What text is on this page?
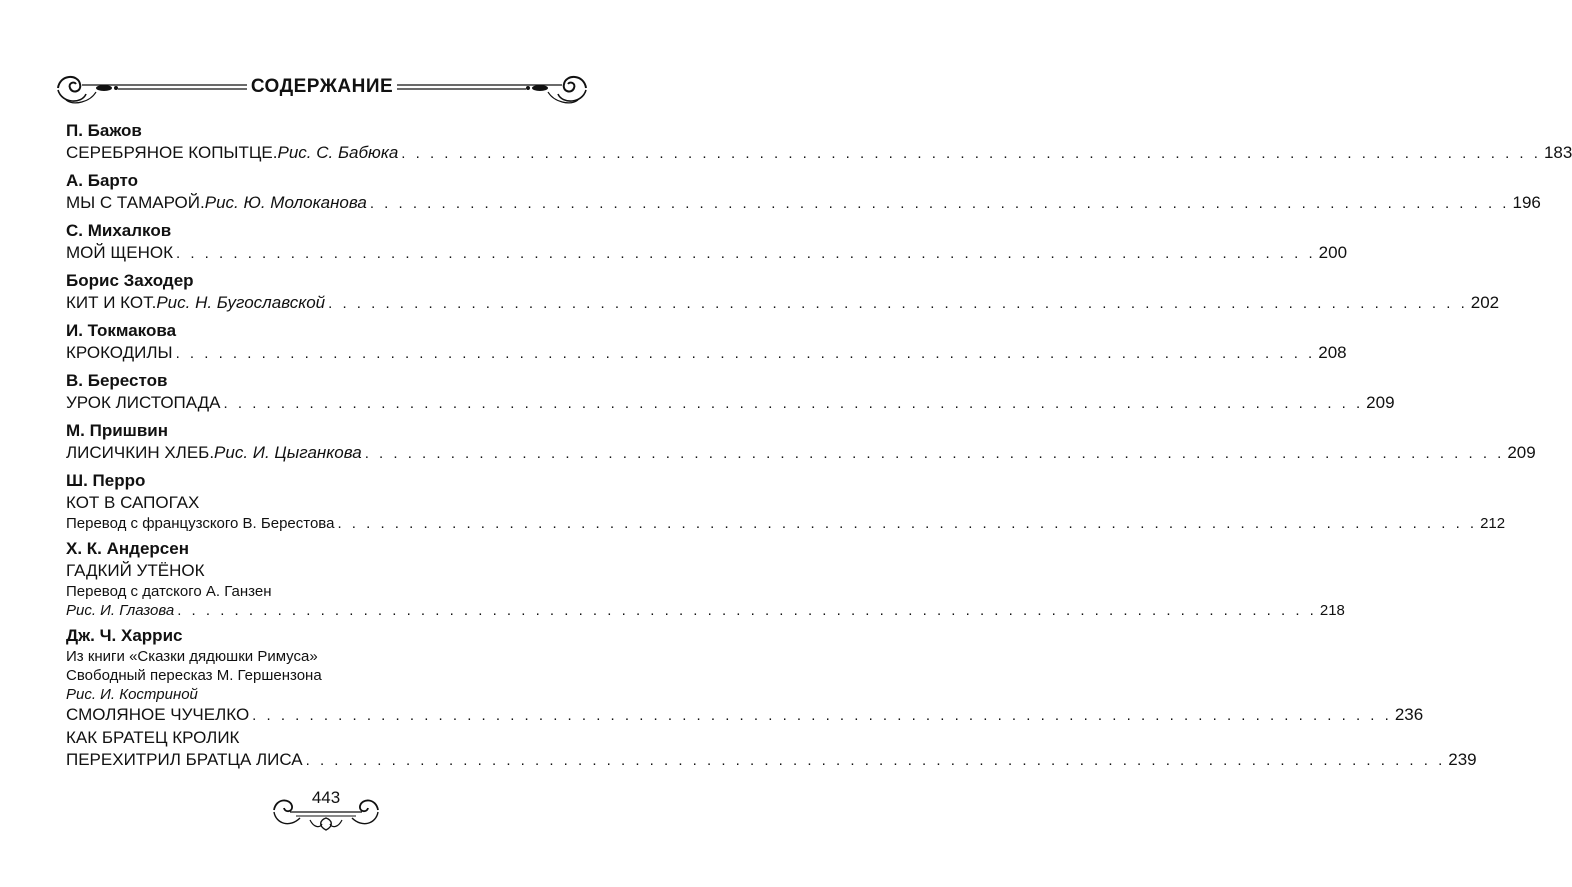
СОДЕРЖАНИЕ
П. Бажов
СЕРЕБРЯНОЕ КОПЫТЦЕ. Рис. С. Бабюка . . . . . . . . . . . . . . . . . . . . . . . . . . . . . . . . . . . . . . . . . . . . . . . . . . . . . . . . . . . . . . . . . . . . . . . . . . . . . . . . 183
А. Барто
МЫ С ТАМАРОЙ. Рис. Ю. Молоканова . . . . . . . . . . . . . . . . . . . . . . . . . . . . . . . . . . . . . . . . . . . . . . . . . . . . . . . . . . . . . . . . . . . . . . . . . . . . . . . . 196
С. Михалков
МОЙ ЩЕНОК . . . . . . . . . . . . . . . . . . . . . . . . . . . . . . . . . . . . . . . . . . . . . . . . . . . . . . . . . . . . . . . . . . . . . . . . . . . . . . . . 200
Борис Заходер
КИТ И КОТ. Рис. Н. Бугославской . . . . . . . . . . . . . . . . . . . . . . . . . . . . . . . . . . . . . . . . . . . . . . . . . . . . . . . . . . . . . . . . . . . . . . . . . . . . . . . . 202
И. Токмакова
КРОКОДИЛЫ . . . . . . . . . . . . . . . . . . . . . . . . . . . . . . . . . . . . . . . . . . . . . . . . . . . . . . . . . . . . . . . . . . . . . . . . . . . . . . . . 208
В. Берестов
УРОК ЛИСТОПАДА . . . . . . . . . . . . . . . . . . . . . . . . . . . . . . . . . . . . . . . . . . . . . . . . . . . . . . . . . . . . . . . . . . . . . . . . . . . . . . . . 209
М. Пришвин
ЛИСИЧКИН ХЛЕБ. Рис. И. Цыганкова . . . . . . . . . . . . . . . . . . . . . . . . . . . . . . . . . . . . . . . . . . . . . . . . . . . . . . . . . . . . . . . . . . . . . . . . . . . . . . . . 209
Ш. Перро
КОТ В САПОГАХ
Перевод с французского В. Берестова . . . . . . . . . . . . . . . . . . . . . . . . . . . . . . . . . . . . . . . . . . . . . . . . . . . . . . . . . . . . . . . . . . . . . . . . . . . . . . . . 212
Х. К. Андерсен
ГАДКИЙ УТЁНОК
Перевод с датского А. Ганзен
Рис. И. Глазова . . . . . . . . . . . . . . . . . . . . . . . . . . . . . . . . . . . . . . . . . . . . . . . . . . . . . . . . . . . . . . . . . . . . . . . . . . . . . . . . 218
Дж. Ч. Харрис
Из книги «Сказки дядюшки Римуса»
Свободный пересказ М. Гершензона
Рис. И. Костриной
СМОЛЯНОЕ ЧУЧЕЛКО . . . . . . . . . . . . . . . . . . . . . . . . . . . . . . . . . . . . . . . . . . . . . . . . . . . . . . . . . . . . . . . . . . . . . . . . . . . . . . . . 236
КАК БРАТЕЦ КРОЛИК
ПЕРЕХИТРИЛ БРАТЦА ЛИСА . . . . . . . . . . . . . . . . . . . . . . . . . . . . . . . . . . . . . . . . . . . . . . . . . . . . . . . . . . . . . . . . . . . . . . . . . . . . . . . . 239
443
